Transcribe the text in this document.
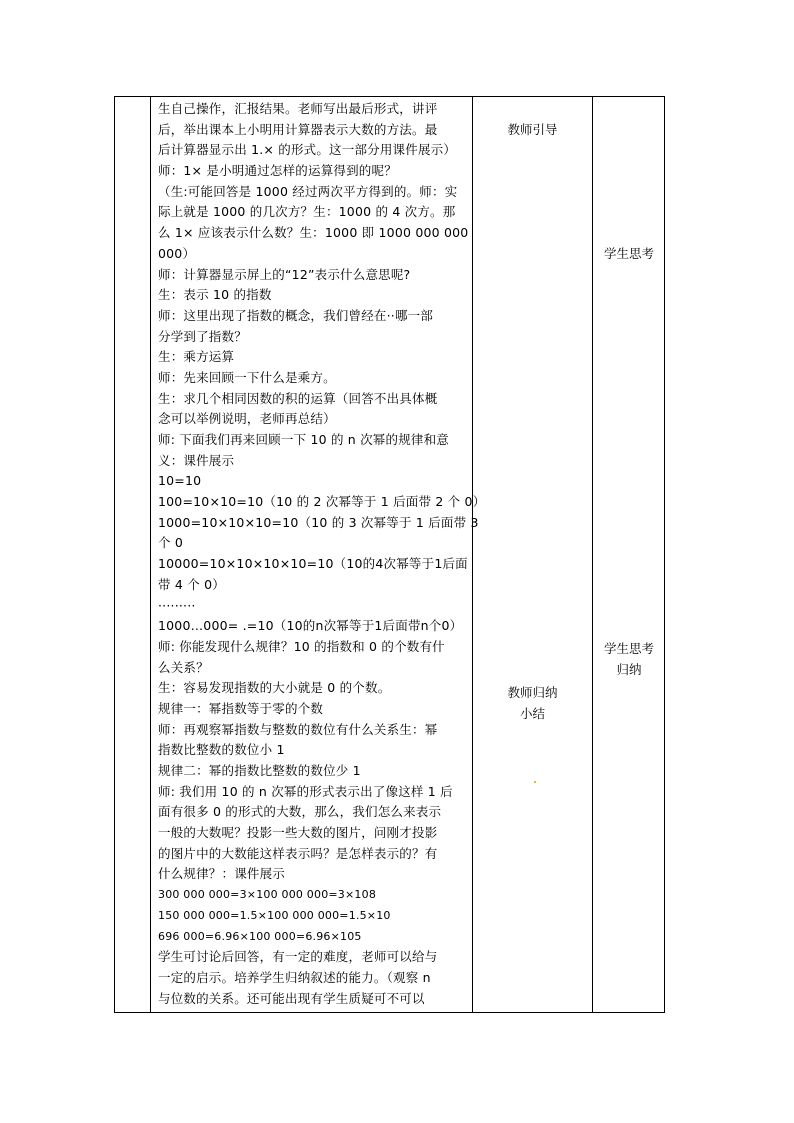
生自己操作，汇报结果。老师写出最后形式，讲评
后，举出课本上小明用计算器表示大数的方法。最
后计算器显示出 1.× 的形式。这一部分用课件展示）
师：1× 是小明通过怎样的运算得到的呢？
（生:可能回答是 1000 经过两次平方得到的。师：实
际上就是 1000 的几次方？生：1000 的 4 次方。那
么 1× 应该表示什么数？生：1000 即 1000 000 000
000）
师：计算器显示屏上的“12”表示什么意思呢?
生：表示 10 的指数
师：这里出现了指数的概念，我们曾经在··哪一部
分学到了指数？
生：乘方运算
师：先来回顾一下什么是乘方。
生：求几个相同因数的积的运算（回答不出具体概
念可以举例说明，老师再总结）
师: 下面我们再来回顾一下 10 的 n 次幂的规律和意
义：课件展示
10=10
100=10×10=10（10 的 2 次幂等于 1 后面带 2 个 0）
1000=10×10×10=10（10 的 3 次幂等于 1 后面带 3
个 0
10000=10×10×10×10=10（10的4次幂等于1后面
带 4 个 0）
·········
1000…000= .=10（10的n次幂等于1后面带n个0）
师: 你能发现什么规律？10 的指数和 0 的个数有什
么关系？
生：容易发现指数的大小就是 0 的个数。
规律一：幂指数等于零的个数
师：再观察幂指数与整数的数位有什么关系生：幂
指数比整数的数位小 1
规律二：幂的指数比整数的数位少 1
师: 我们用 10 的 n 次幂的形式表示出了像这样 1 后
面有很多 0 的形式的大数，那么，我们怎么来表示
一般的大数呢？投影一些大数的图片，问刚才投影
的图片中的大数能这样表示吗？是怎样表示的？有
什么规律？：课件展示
300 000 000=3×100 000 000=3×108
150 000 000=1.5×100 000 000=1.5×10
696 000=6.96×100 000=6.96×105
学生可讨论后回答，有一定的难度，老师可以给与
一定的启示。培养学生归纳叙述的能力。（观察 n
与位数的关系。还可能出现有学生质疑可不可以
教师引导
教师归纳
小结
学生思考
学生思考
归纳
